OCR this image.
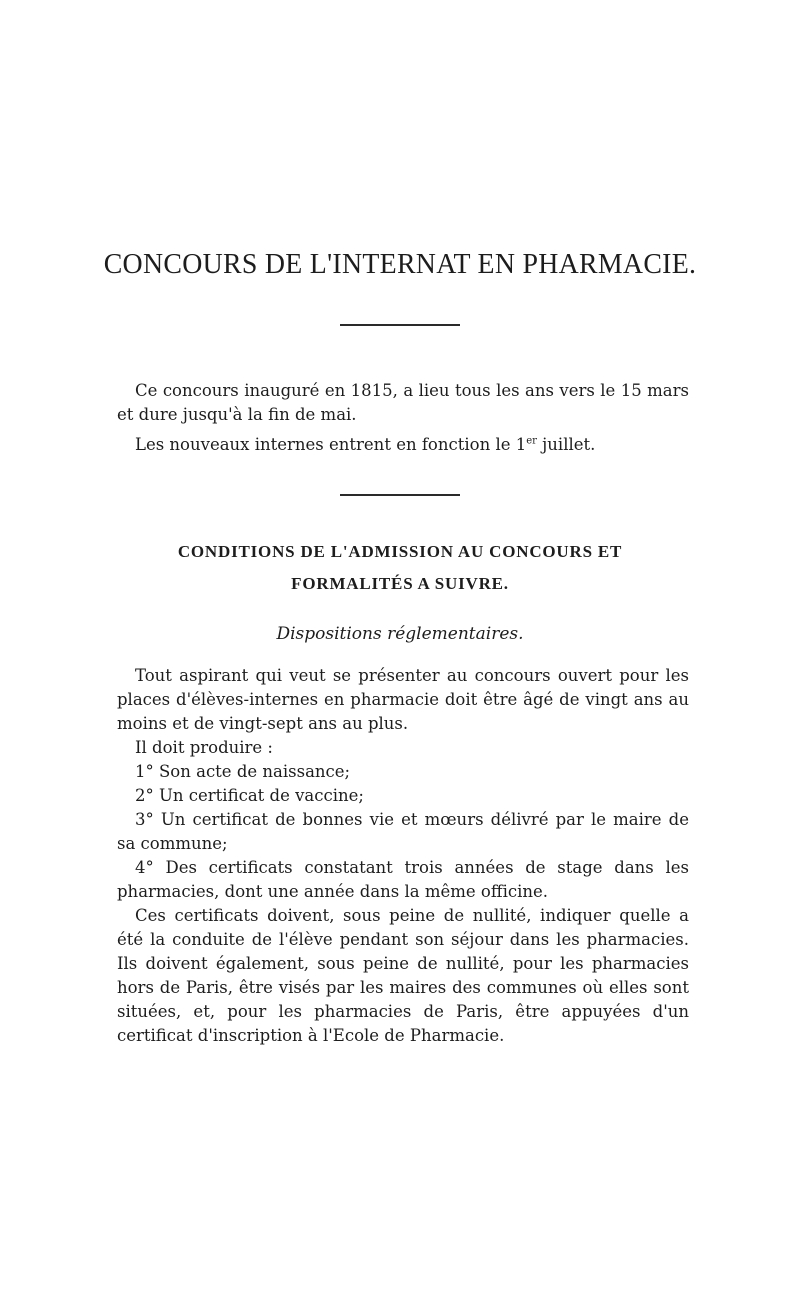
CONCOURS DE L'INTERNAT EN PHARMACIE.

Ce concours inauguré en 1815, a lieu tous les ans vers le 15 mars et dure jusqu'à la fin de mai.

Les nouveaux internes entrent en fonction le 1er juillet.

CONDITIONS DE L'ADMISSION AU CONCOURS ET
FORMALITÉS A SUIVRE.

Dispositions réglementaires.

Tout aspirant qui veut se présenter au concours ouvert pour les places d'élèves-internes en pharmacie doit être âgé de vingt ans au moins et de vingt-sept ans au plus.

Il doit produire :

1° Son acte de naissance;

2° Un certificat de vaccine;

3° Un certificat de bonnes vie et mœurs délivré par le maire de sa commune;

4° Des certificats constatant trois années de stage dans les pharmacies, dont une année dans la même officine.

Ces certificats doivent, sous peine de nullité, indiquer quelle a été la conduite de l'élève pendant son séjour dans les pharmacies. Ils doivent également, sous peine de nullité, pour les pharmacies hors de Paris, être visés par les maires des communes où elles sont situées, et, pour les pharmacies de Paris, être appuyées d'un certificat d'inscription à l'Ecole de Pharmacie.
